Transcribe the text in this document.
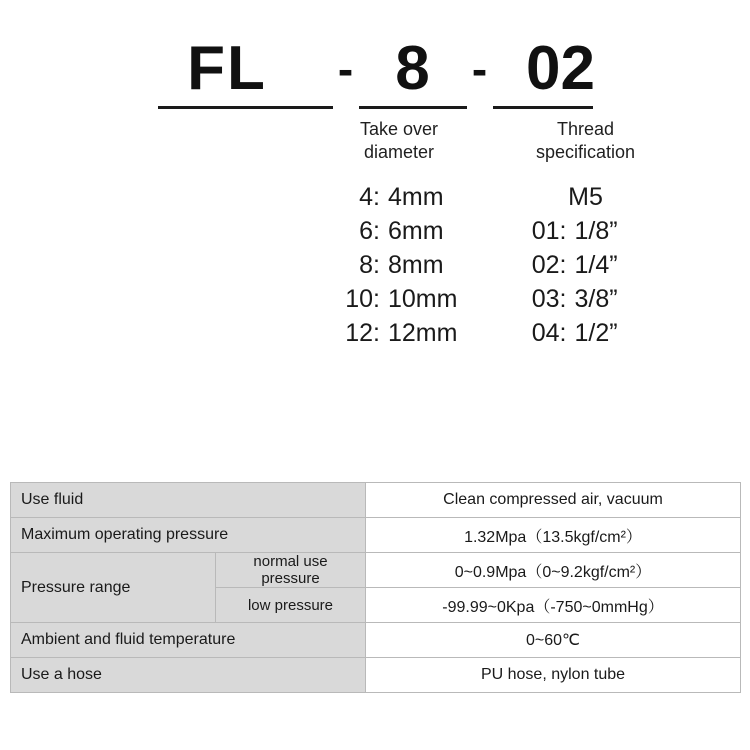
FL	- 8 - 02
Take over	Thread
diameter	specification
4: 4mm
6: 6mm
8: 8mm
10: 10mm
12: 12mm
M5
01: 1/8”
02: 1/4”
03: 3/8”
04: 1/2”
Use fluid		Clean compressed air, vacuum
Maximum operating pressure		1.32Mpa（13.5kgf/cm²）
Pressure range	normal use pressure	0~0.9Mpa（0~9.2kgf/cm²）
	low pressure	-99.99~0Kpa（-750~0mmHg）
Ambient and fluid temperature		0~60℃
Use a hose		PU hose, nylon tube
